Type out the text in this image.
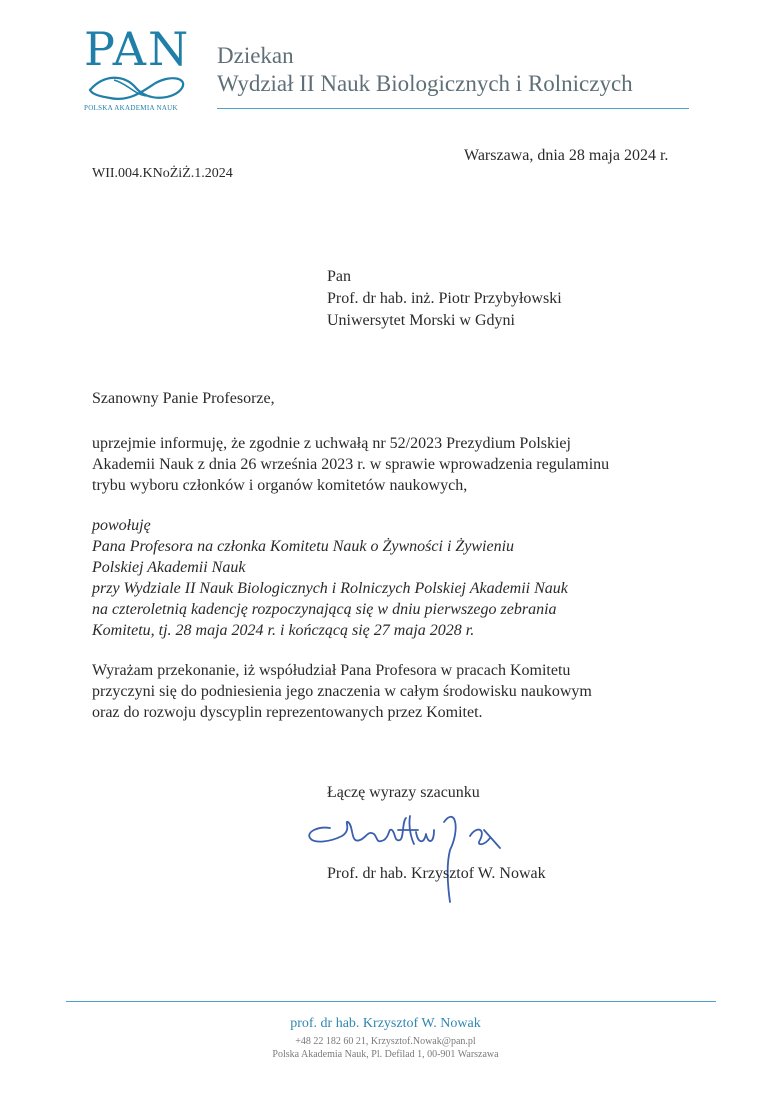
PAN
POLSKA AKADEMIA NAUK
Dziekan
Wydział II Nauk Biologicznych i Rolniczych
Warszawa, dnia 28 maja 2024 r.
WII.004.KNoŻiŻ.1.2024
Pan
Prof. dr hab. inż. Piotr Przybyłowski
Uniwersytet Morski w Gdyni
Szanowny Panie Profesorze,
uprzejmie informuję, że zgodnie z uchwałą nr 52/2023 Prezydium Polskiej
Akademii Nauk z dnia 26 września 2023 r. w sprawie wprowadzenia regulaminu
trybu wyboru członków i organów komitetów naukowych,
powołuję
Pana Profesora na członka Komitetu Nauk o Żywności i Żywieniu
Polskiej Akademii Nauk
przy Wydziale II Nauk Biologicznych i Rolniczych Polskiej Akademii Nauk
na czteroletnią kadencję rozpoczynającą się w dniu pierwszego zebrania
Komitetu, tj. 28 maja 2024 r. i kończącą się 27 maja 2028 r.
Wyrażam przekonanie, iż współudział Pana Profesora w pracach Komitetu
przyczyni się do podniesienia jego znaczenia w całym środowisku naukowym
oraz do rozwoju dyscyplin reprezentowanych przez Komitet.
Łączę wyrazy szacunku
Prof. dr hab. Krzysztof W. Nowak
prof. dr hab. Krzysztof W. Nowak
+48 22 182 60 21, Krzysztof.Nowak@pan.pl
Polska Akademia Nauk, Pl. Defilad 1, 00-901 Warszawa
